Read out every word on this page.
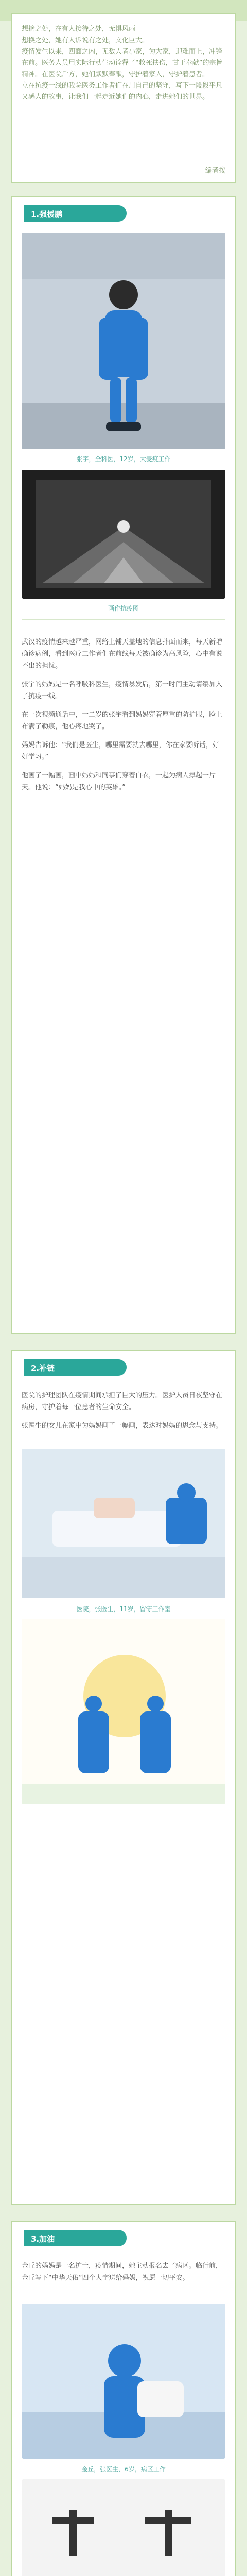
想摘之处，在有人接待之处，无惧风雨
想换之处，她有人诉说有之处，文化巨大。
疫情发生以来，四面之内，无数人者小家，为大家，迎难而上，冲锋在前。医务人员用实际行动生动诠释了“救死扶伤，甘于奉献”的宗旨精神。在医院后方，她们默默奉献，守护着家人，守护着患者。
立在抗疫一线的我院医务工作者们在用自己的坚守，写下一段段平凡又感人的故事，让我们一起走近她们的内心，走进她们的世界。
——编者按
1.强援鹏
张宇，全科医，12岁，大麦疫工作
画作抗疫图

武汉的疫情越来越严重，网络上铺天盖地的信息扑面而来，每天新增确诊病例，看到医疗工作者们在前线每天被确诊为高风险，心中有说不出的担忧。

张宇的妈妈是一名呼吸科医生，疫情暴发后，第一时间主动请缨加入了抗疫一线。

在一次视频通话中，十二岁的张宇看到妈妈穿着厚重的防护服，脸上布满了勒痕，他心疼地哭了。

妈妈告诉他：“我们是医生，哪里需要就去哪里，你在家要听话，好好学习。”

他画了一幅画，画中妈妈和同事们穿着白衣，一起为病人撑起一片天。他说：“妈妈是我心中的英雄。”

2.补链

医院的护理团队在疫情期间承担了巨大的压力。医护人员日夜坚守在病房，守护着每一位患者的生命安全。

张医生的女儿在家中为妈妈画了一幅画，表达对妈妈的思念与支持。

医院，张医生，11岁，留守工作室
3.加油

金丘的妈妈是一名护士，疫情期间，她主动报名去了病区。临行前，金丘写下“中华天佑”四个大字送给妈妈，祝愿一切平安。

金丘，张医生，6岁，病区工作
